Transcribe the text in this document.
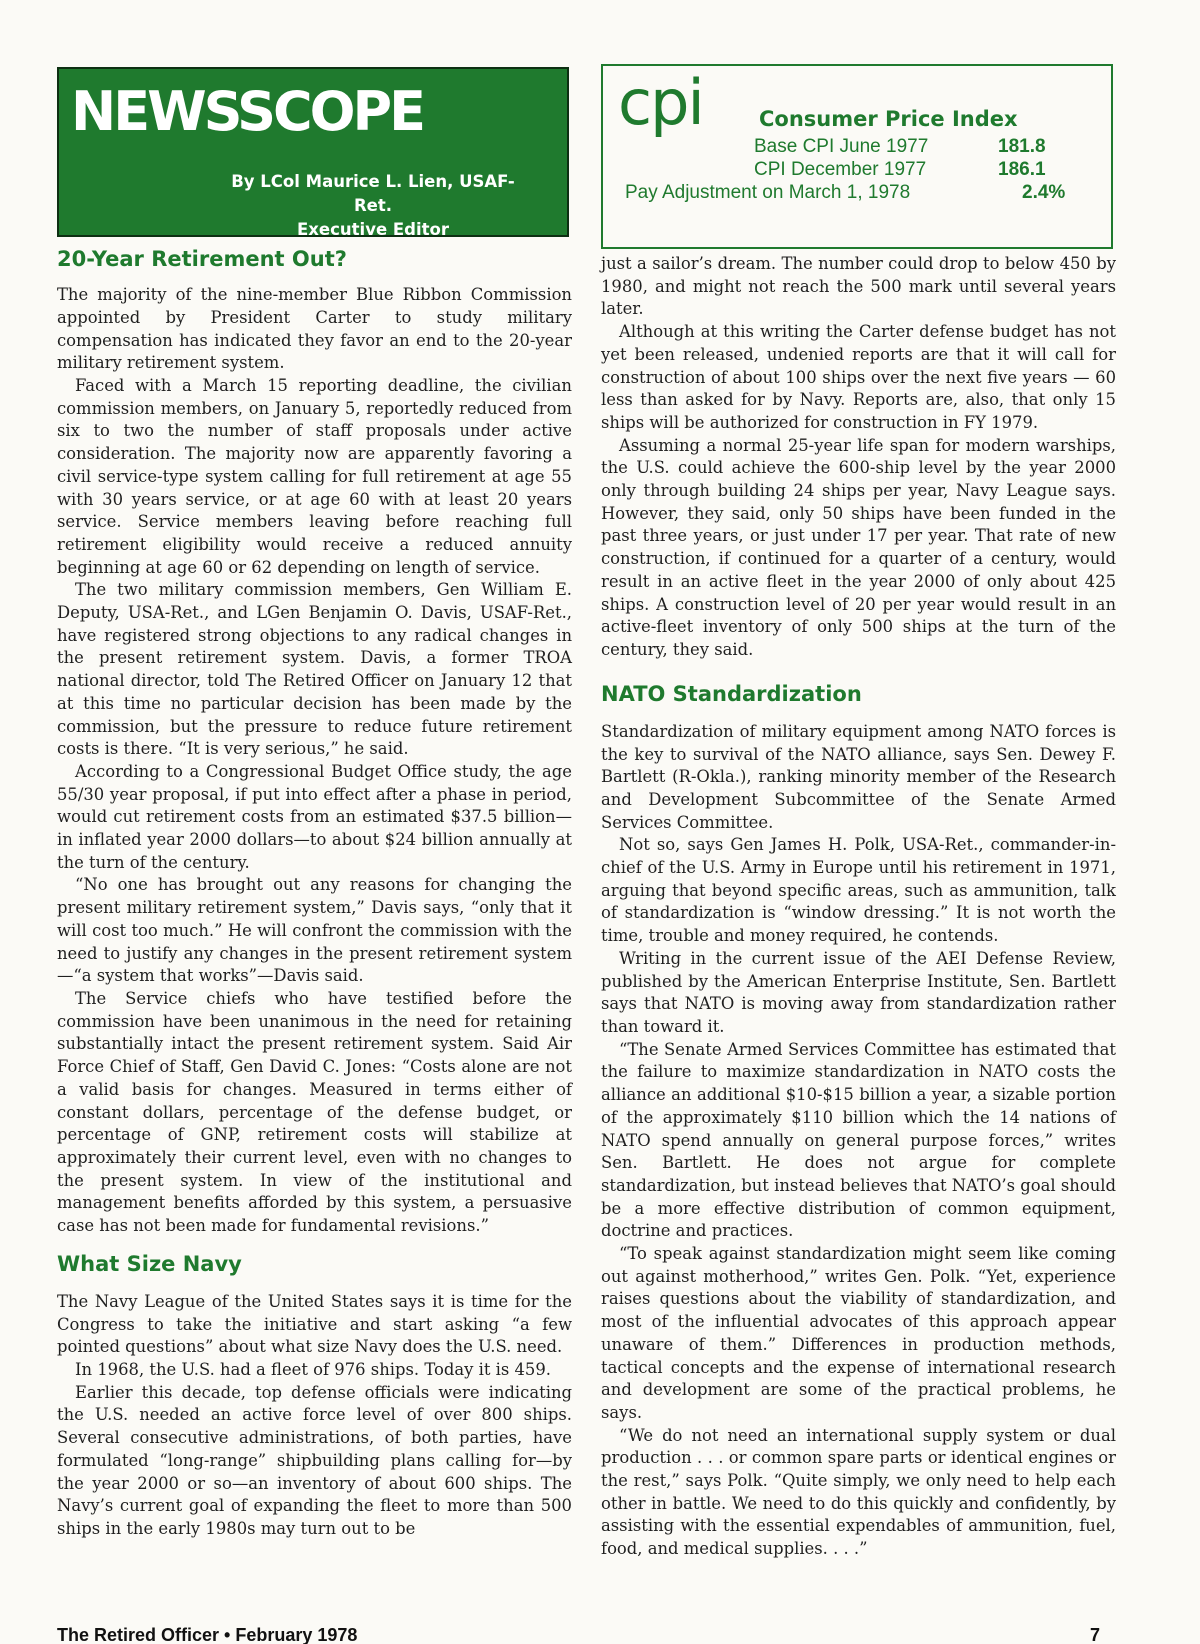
NEWSSCOPE
By LCol Maurice L. Lien, USAF-Ret.
Executive Editor
cpi	Consumer Price Index
Base CPI June 1977	181.8
CPI December 1977	186.1
Pay Adjustment on March 1, 1978	2.4%
20-Year Retirement Out?

The majority of the nine-member Blue Ribbon Commission appointed by President Carter to study military compensation has indicated they favor an end to the 20-year military retirement system.

Faced with a March 15 reporting deadline, the civilian commission members, on January 5, reportedly reduced from six to two the number of staff proposals under active consideration. The majority now are apparently favoring a civil service-type system calling for full retirement at age 55 with 30 years service, or at age 60 with at least 20 years service. Service members leaving before reaching full retirement eligibility would receive a reduced annuity beginning at age 60 or 62 depending on length of service.

The two military commission members, Gen William E. Deputy, USA-Ret., and LGen Benjamin O. Davis, USAF-Ret., have registered strong objections to any radical changes in the present retirement system. Davis, a former TROA national director, told The Retired Officer on January 12 that at this time no particular decision has been made by the commission, but the pressure to reduce future retirement costs is there. “It is very serious,” he said.

According to a Congressional Budget Office study, the age 55/30 year proposal, if put into effect after a phase in period, would cut retirement costs from an estimated $37.5 billion—in inflated year 2000 dollars—to about $24 billion annually at the turn of the century.

“No one has brought out any reasons for changing the present military retirement system,” Davis says, “only that it will cost too much.” He will confront the commission with the need to justify any changes in the present retirement system—“a system that works”—Davis said.

The Service chiefs who have testified before the commission have been unanimous in the need for retaining substantially intact the present retirement system. Said Air Force Chief of Staff, Gen David C. Jones: “Costs alone are not a valid basis for changes. Measured in terms either of constant dollars, percentage of the defense budget, or percentage of GNP, retirement costs will stabilize at approximately their current level, even with no changes to the present system. In view of the institutional and management benefits afforded by this system, a persuasive case has not been made for fundamental revisions.”

What Size Navy

The Navy League of the United States says it is time for the Congress to take the initiative and start asking “a few pointed questions” about what size Navy does the U.S. need.

In 1968, the U.S. had a fleet of 976 ships. Today it is 459.

Earlier this decade, top defense officials were indicating the U.S. needed an active force level of over 800 ships. Several consecutive administrations, of both parties, have formulated “long-range” shipbuilding plans calling for—by the year 2000 or so—an inventory of about 600 ships. The Navy’s current goal of expanding the fleet to more than 500 ships in the early 1980s may turn out to be

just a sailor’s dream. The number could drop to below 450 by 1980, and might not reach the 500 mark until several years later.

Although at this writing the Carter defense budget has not yet been released, undenied reports are that it will call for construction of about 100 ships over the next five years — 60 less than asked for by Navy. Reports are, also, that only 15 ships will be authorized for construction in FY 1979.

Assuming a normal 25-year life span for modern warships, the U.S. could achieve the 600-ship level by the year 2000 only through building 24 ships per year, Navy League says. However, they said, only 50 ships have been funded in the past three years, or just under 17 per year. That rate of new construction, if continued for a quarter of a century, would result in an active fleet in the year 2000 of only about 425 ships. A construction level of 20 per year would result in an active-fleet inventory of only 500 ships at the turn of the century, they said.

NATO Standardization

Standardization of military equipment among NATO forces is the key to survival of the NATO alliance, says Sen. Dewey F. Bartlett (R-Okla.), ranking minority member of the Research and Development Subcommittee of the Senate Armed Services Committee.

Not so, says Gen James H. Polk, USA-Ret., commander-in-chief of the U.S. Army in Europe until his retirement in 1971, arguing that beyond specific areas, such as ammunition, talk of standardization is “window dressing.” It is not worth the time, trouble and money required, he contends.

Writing in the current issue of the AEI Defense Review, published by the American Enterprise Institute, Sen. Bartlett says that NATO is moving away from standardization rather than toward it.

“The Senate Armed Services Committee has estimated that the failure to maximize standardization in NATO costs the alliance an additional $10-$15 billion a year, a sizable portion of the approximately $110 billion which the 14 nations of NATO spend annually on general purpose forces,” writes Sen. Bartlett. He does not argue for complete standardization, but instead believes that NATO’s goal should be a more effective distribution of common equipment, doctrine and practices.

“To speak against standardization might seem like coming out against motherhood,” writes Gen. Polk. “Yet, experience raises questions about the viability of standardization, and most of the influential advocates of this approach appear unaware of them.” Differences in production methods, tactical concepts and the expense of international research and development are some of the practical problems, he says.

“We do not need an international supply system or dual production . . . or common spare parts or identical engines or the rest,” says Polk. “Quite simply, we only need to help each other in battle. We need to do this quickly and confidently, by assisting with the essential expendables of ammunition, fuel, food, and medical supplies. . . .”

The Retired Officer • February 1978	7
